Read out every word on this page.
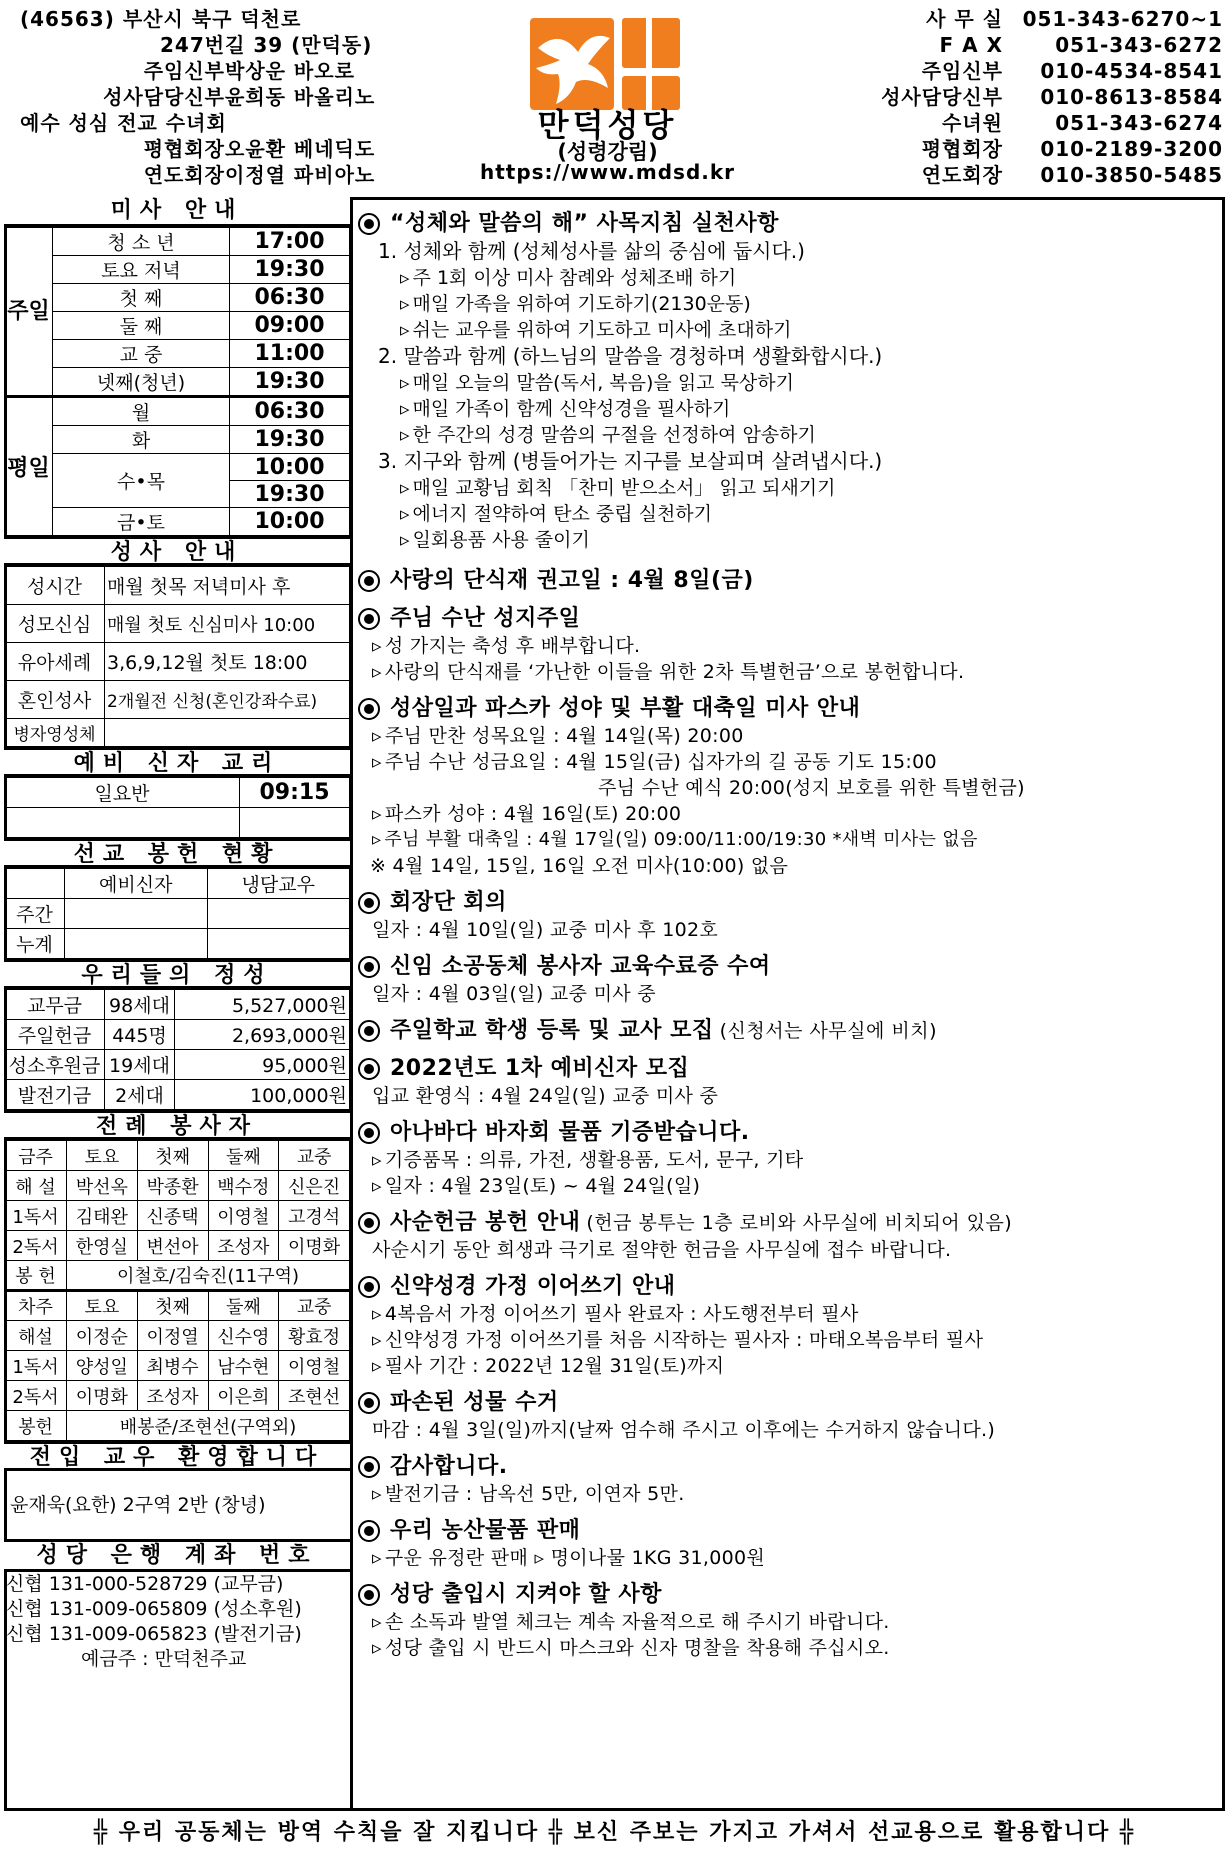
(46563) 부산시 북구 덕천로
247번길 39 (만덕동)
주임신부 박상운 바오로
성사담당신부 윤희동 바올리노
예수 성심 전교 수녀회
평협회장 오윤환 베네딕도
연도회장 이정열 파비아노
만덕성당
(성령강림)
https://www.mdsd.kr
사 무 실 051-343-6270~1
F A X	051-343-6272
주임신부 010-4534-8541
성사담당신부 010-8613-8584
수녀원	051-343-6274
평협회장 010-2189-3200
연도회장 010-3850-5485
미사 안내
주일	청 소 년	17:00
	토요 저녁	19:30
	첫 째	06:30
	둘 째	09:00
	교 중	11:00
	넷째(청년)	19:30
평일	월	06:30
	화	19:30
	수•목	10:00
		19:30
	금•토	10:00
성사 안내
성시간	매월 첫목 저녁미사 후
성모신심	매월 첫토 신심미사 10:00
유아세례	3,6,9,12월 첫토 18:00
혼인성사	2개월전 신청(혼인강좌수료)
병자영성체	
예비 신자 교리
일요반	09:15

선교 봉헌 현황
	예비신자	냉담교우
주간		
누계		
우리들의 정성
교무금	98세대	5,527,000원
주일헌금	445명	2,693,000원
성소후원금	19세대	95,000원
발전기금	2세대	100,000원
전례 봉사자
금주	토요	첫째	둘째	교중
해 설	박선옥	박종환	백수정	신은진
1독서	김태완	신종택	이영철	고경석
2독서	한영실	변선아	조성자	이명화
봉 헌	이철호/김숙진(11구역)			
차주	토요	첫째	둘째	교중
해설	이정순	이정열	신수영	황효정
1독서	양성일	최병수	남수현	이영철
2독서	이명화	조성자	이은희	조현선
봉헌	배봉준/조현선(구역외)			
전입 교우 환영합니다
윤재욱(요한) 2구역 2반 (창녕)
성당 은행 계좌 번호
신협 131-000-528729 (교무금)
신협 131-009-065809 (성소후원)
신협 131-009-065823 (발전기금)
예금주 : 만덕천주교
“성체와 말씀의 해” 사목지침 실천사항
1. 성체와 함께 (성체성사를 삶의 중심에 둡시다.)
▹ 주 1회 이상 미사 참례와 성체조배 하기
▹ 매일 가족을 위하여 기도하기(2130운동)
▹ 쉬는 교우를 위하여 기도하고 미사에 초대하기
2. 말씀과 함께 (하느님의 말씀을 경청하며 생활화합시다.)
▹ 매일 오늘의 말씀(독서, 복음)을 읽고 묵상하기
▹ 매일 가족이 함께 신약성경을 필사하기
▹ 한 주간의 성경 말씀의 구절을 선정하여 암송하기
3. 지구와 함께 (병들어가는 지구를 보살피며 살려냅시다.)
▹ 매일 교황님 회칙 「찬미 받으소서」 읽고 되새기기
▹ 에너지 절약하여 탄소 중립 실천하기
▹ 일회용품 사용 줄이기
사랑의 단식재 권고일 : 4월 8일(금)
주님 수난 성지주일
▹ 성 가지는 축성 후 배부합니다.
▹ 사랑의 단식재를 ‘가난한 이들을 위한 2차 특별헌금’으로 봉헌합니다.
성삼일과 파스카 성야 및 부활 대축일 미사 안내
▹ 주님 만찬 성목요일 : 4월 14일(목) 20:00
▹ 주님 수난 성금요일 : 4월 15일(금) 십자가의 길 공동 기도 15:00
주님 수난 예식 20:00(성지 보호를 위한 특별헌금)
▹ 파스카 성야 : 4월 16일(토) 20:00
▹ 주님 부활 대축일 : 4월 17일(일) 09:00/11:00/19:30 *새벽 미사는 없음
※ 4월 14일, 15일, 16일 오전 미사(10:00) 없음
회장단 회의
일자 : 4월 10일(일) 교중 미사 후 102호
신임 소공동체 봉사자 교육수료증 수여
일자 : 4월 03일(일) 교중 미사 중
주일학교 학생 등록 및 교사 모집 (신청서는 사무실에 비치)
2022년도 1차 예비신자 모집
입교 환영식 : 4월 24일(일) 교중 미사 중
아나바다 바자회 물품 기증받습니다.
▹ 기증품목 : 의류, 가전, 생활용품, 도서, 문구, 기타
▹ 일자 : 4월 23일(토) ~ 4월 24일(일)
사순헌금 봉헌 안내 (헌금 봉투는 1층 로비와 사무실에 비치되어 있음)
사순시기 동안 희생과 극기로 절약한 헌금을 사무실에 접수 바랍니다.
신약성경 가정 이어쓰기 안내
▹ 4복음서 가정 이어쓰기 필사 완료자 : 사도행전부터 필사
▹ 신약성경 가정 이어쓰기를 처음 시작하는 필사자 : 마태오복음부터 필사
▹ 필사 기간 : 2022년 12월 31일(토)까지
파손된 성물 수거
마감 : 4월 3일(일)까지(날짜 엄수해 주시고 이후에는 수거하지 않습니다.)
감사합니다.
▹ 발전기금 : 남옥선 5만, 이연자 5만.
우리 농산물품 판매
▹ 구운 유정란 판매 ▹ 명이나물 1KG 31,000원
성당 출입시 지켜야 할 사항
▹ 손 소독과 발열 체크는 계속 자율적으로 해 주시기 바랍니다.
▹ 성당 출입 시 반드시 마스크와 신자 명찰을 착용해 주십시오.
╬ 우리 공동체는 방역 수칙을 잘 지킵니다 ╬ 보신 주보는 가지고 가셔서 선교용으로 활용합니다 ╬
